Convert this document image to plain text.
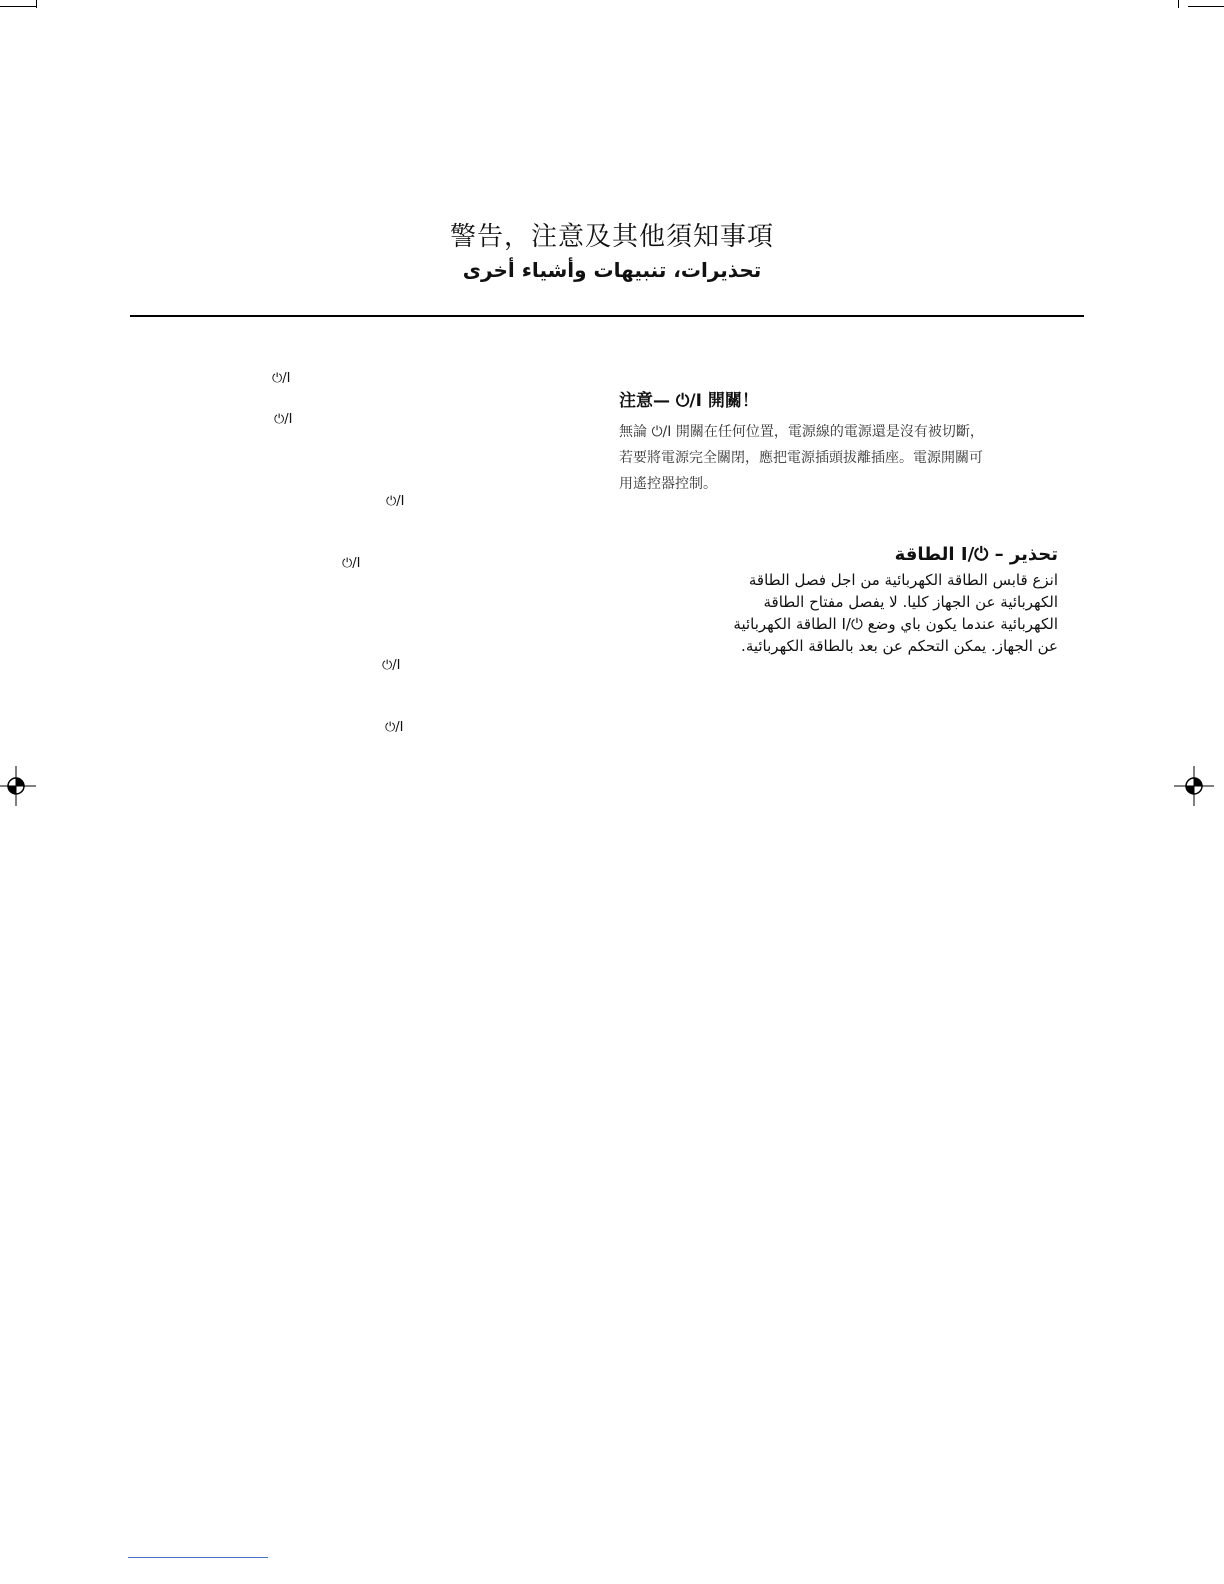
警告，注意及其他須知事項
تحذيرات، تنبيهات وأشياء أخرى
⏻/I
⏻/I
⏻/I
⏻/I
⏻/I
⏻/I
注意— ⏻/I 開關！

無論 ⏻/I 開關在任何位置，電源線的電源還是沒有被切斷，

若要將電源完全關閉，應把電源插頭拔離插座。電源開關可

用遙控器控制。

تحذير – ⏻/I الطاقة

انزع قابس الطاقة الكهربائية من اجل فصل الطاقة

الكهربائية عن الجهاز كليا. لا يفصل مفتاح الطاقة

الكهربائية عندما يكون باي وضع ⏻/I الطاقة الكهربائية

عن الجهاز. يمكن التحكم عن بعد بالطاقة الكهربائية.
